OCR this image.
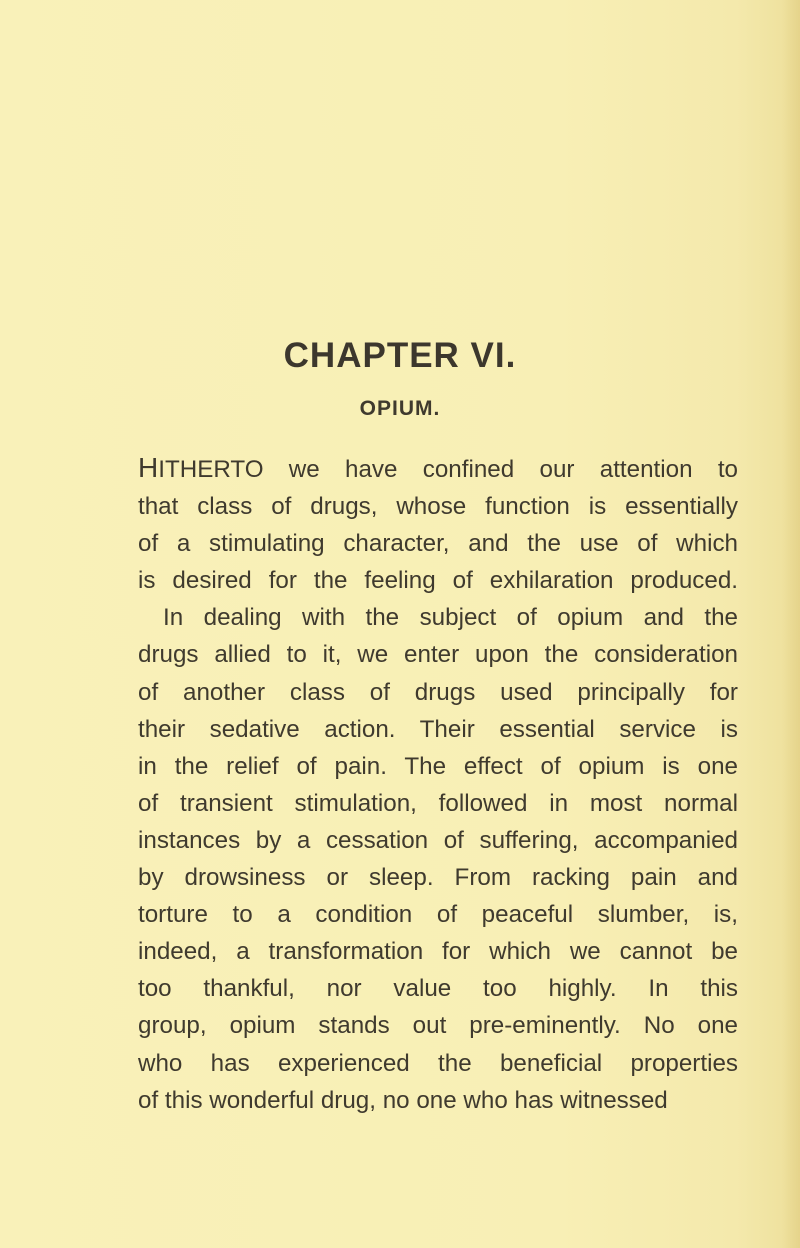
CHAPTER VI.
OPIUM.
HITHERTO we have confined our attention to
that class of drugs, whose function is essentially
of a stimulating character, and the use of which
is desired for the feeling of exhilaration produced.
In dealing with the subject of opium and the
drugs allied to it, we enter upon the consideration
of another class of drugs used principally for
their sedative action. Their essential service is
in the relief of pain. The effect of opium is one
of transient stimulation, followed in most normal
instances by a cessation of suffering, accompanied
by drowsiness or sleep. From racking pain and
torture to a condition of peaceful slumber, is,
indeed, a transformation for which we cannot be
too thankful, nor value too highly. In this
group, opium stands out pre-eminently. No one
who has experienced the beneficial properties
of this wonderful drug, no one who has witnessed
